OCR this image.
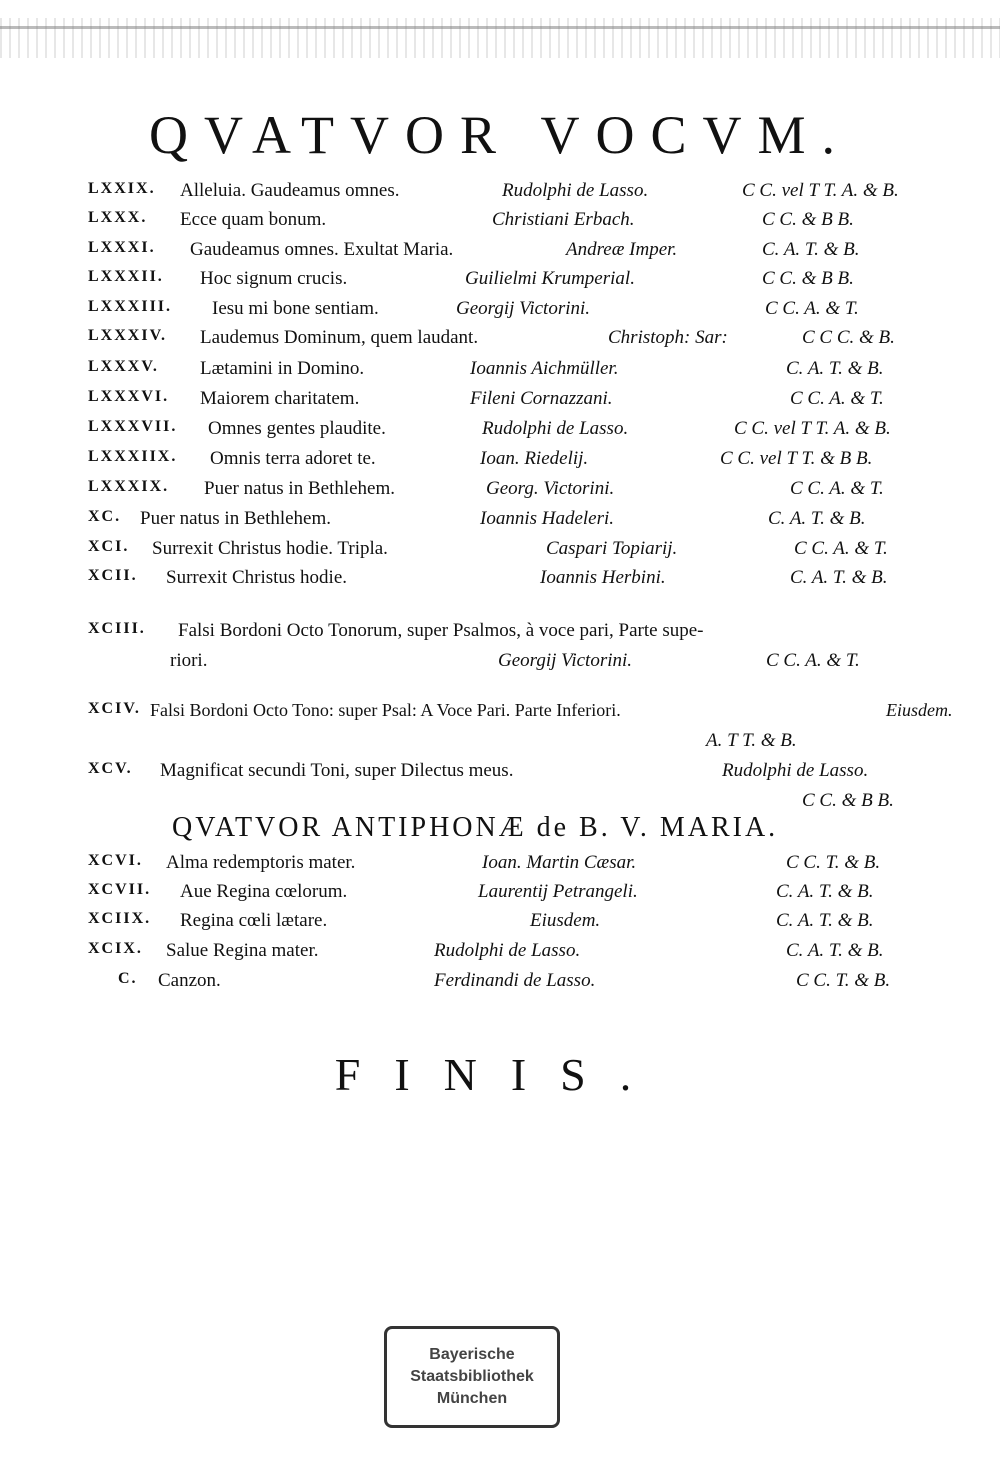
QVATVOR VOCVM.
LXXIX. Alleluia. Gaudeamus omnes.	Rudolphi de Lasso.	C C. vel T T. A. & B.
LXXX. Ecce quam bonum.	Christiani Erbach.	C C. & B B.
LXXXI. Gaudeamus omnes. Exultat Maria.	Andreæ Imper.	C. A. T. & B.
LXXXII. Hoc signum crucis.	Guilielmi Krumperial.	C C. & B B.
LXXXIII. Iesu mi bone sentiam.	Georgij Victorini.	C C. A. & T.
LXXXIV. Laudemus Dominum, quem laudant.	Christoph: Sar:	C C C. & B.
LXXXV. Lætamini in Domino.	Ioannis Aichmüller.	C. A. T. & B.
LXXXVI. Maiorem charitatem.	Fileni Cornazzani.	C C. A. & T.
LXXXVII. Omnes gentes plaudite.	Rudolphi de Lasso.	C C. vel T T. A. & B.
LXXXIIX. Omnis terra adoret te.	Ioan. Riedelij.	C C. vel T T. & B B.
LXXXIX. Puer natus in Bethlehem.	Georg. Victorini.	C C. A. & T.
XC. Puer natus in Bethlehem.	Ioannis Hadeleri.	C. A. T. & B.
XCI. Surrexit Christus hodie. Tripla.	Caspari Topiarij.	C C. A. & T.
XCII. Surrexit Christus hodie.	Ioannis Herbini.	C. A. T. & B.
XCIII. Falsi Bordoni Octo Tonorum, super Psalmos, à voce pari, Parte supe-
riori.	Georgij Victorini.	C C. A. & T.
XCIV. Falsi Bordoni Octo Tono: super Psal: A Voce Pari. Parte Inferiori.	Eiusdem.
A. T T. & B.
XCV. Magnificat secundi Toni, super Dilectus meus.	Rudolphi de Lasso.
C C. & B B.
QVATVOR ANTIPHONÆ de B. V. MARIA.
XCVI. Alma redemptoris mater.	Ioan. Martin Cæsar.	C C. T. & B.
XCVII. Aue Regina cœlorum.	Laurentij Petrangeli.	C. A. T. & B.
XCIIX. Regina cœli lætare.	Eiusdem.	C. A. T. & B.
XCIX. Salue Regina mater.	Rudolphi de Lasso.	C. A. T. & B.
C. Canzon.	Ferdinandi de Lasso.	C C. T. & B.
FINIS.
Bayerische
Staatsbibliothek
München
